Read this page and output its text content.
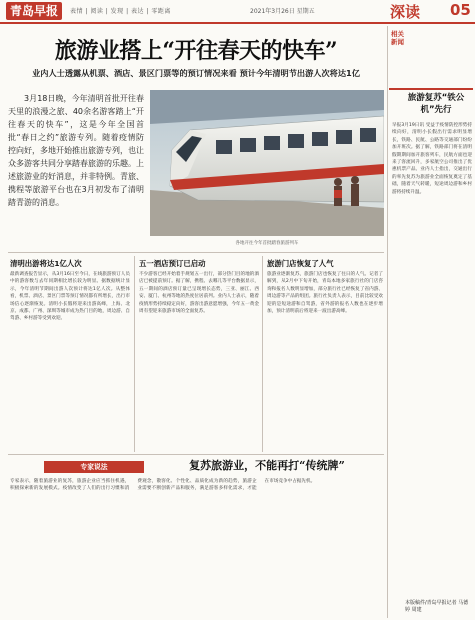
青岛早报	表情 | 阅读 | 发现 | 表达 | 零距离	2021年3月26日 星期五	深读 05
旅游业搭上“开往春天的快车”
业内人士透露从机票、酒店、景区门票等的预订情况来看 预计今年清明节出游人次将达1亿
3月18日晚，今年清明首批开往春天里的浪漫之旅、40余名游客踏上“开往春天的快车”，这是今年全国首批“春日之约”旅游专列。随着疫情防控向好，多地开始推出旅游专列，也让众多游客共同分享踏春旅游的乐趣。上述旅游业的好消息，并非特例。青旅、携程等旅游平台也在3月初发布了清明踏青游的消息。
各地开往今年首批踏春旅游列车
清明出游将达1亿人次
最新调查报告显示，从3月16日至今日，在线旅游预订人员中的游客数与去年同期相比增长较为明显。据数据统计显示，今年清明节期间出游人次预计将达1亿人次。从整体看，机票、酒店、景区门票等预订情况都有所增长，出行市场信心逐渐恢复。清明小长假将迎来出游高峰，上海、北京、成都、广州、深圳等城市成为热门目的地，周边游、自驾游、乡村游等受到欢迎。
五一酒店预订已启动
不少游客已经开始着手规划五一出行，部分热门目的地的酒店已被提前预订。据了解，携程、去哪儿等平台数据显示，五一期间的酒店预订量已呈现增长态势，三亚、丽江、西安、厦门、杭州等地的热度位居前列。业内人士表示，随着疫情形势持续稳定向好，游客出游意愿增强，今年五一黄金周有望迎来旅游市场的全面复苏。
旅游门店恢复了人气
旅游业逐渐复苏，旅游门店也恢复了往日的人气。记者了解到，从2月中下旬开始，青岛本地多家旅行社的门店咨询和报名人数明显增加，部分旅行社已经恢复了省内游、周边游等产品的组团。旅行社负责人表示，目前比较受欢迎的是短途游和自驾游，省外游的报名人数也在逐步增加，预计清明前后将迎来一波出游高峰。
专家说法	复苏旅游业，不能再打“传统牌”
专家表示，随着旅游业的复苏，旅游企业应当抓住机遇，积极探索新的发展模式。疫情改变了人们的出行习惯和消费观念，散客化、个性化、品质化成为新的趋势，旅游企业需要不断创新产品和服务，满足游客多样化需求，才能在市场竞争中占据先机。
相关新闻
旅游复苏“铁公机”先行
早报3月19日讯 受益于疫情防控形势持续向好，清明小长假出行需求明显增长，铁路、民航、公路等交通部门纷纷加开班次。据了解，铁路部门将在清明假期期间加开旅客列车，民航方面也迎来了客流回升，多家航空公司推出了优惠机票产品。业内人士指出，交通出行的率先复苏为旅游业全面恢复奠定了基础，随着天气转暖，短途周边游和乡村游将持续升温。
本版稿件/青岛早报记者 马德婷 周建
